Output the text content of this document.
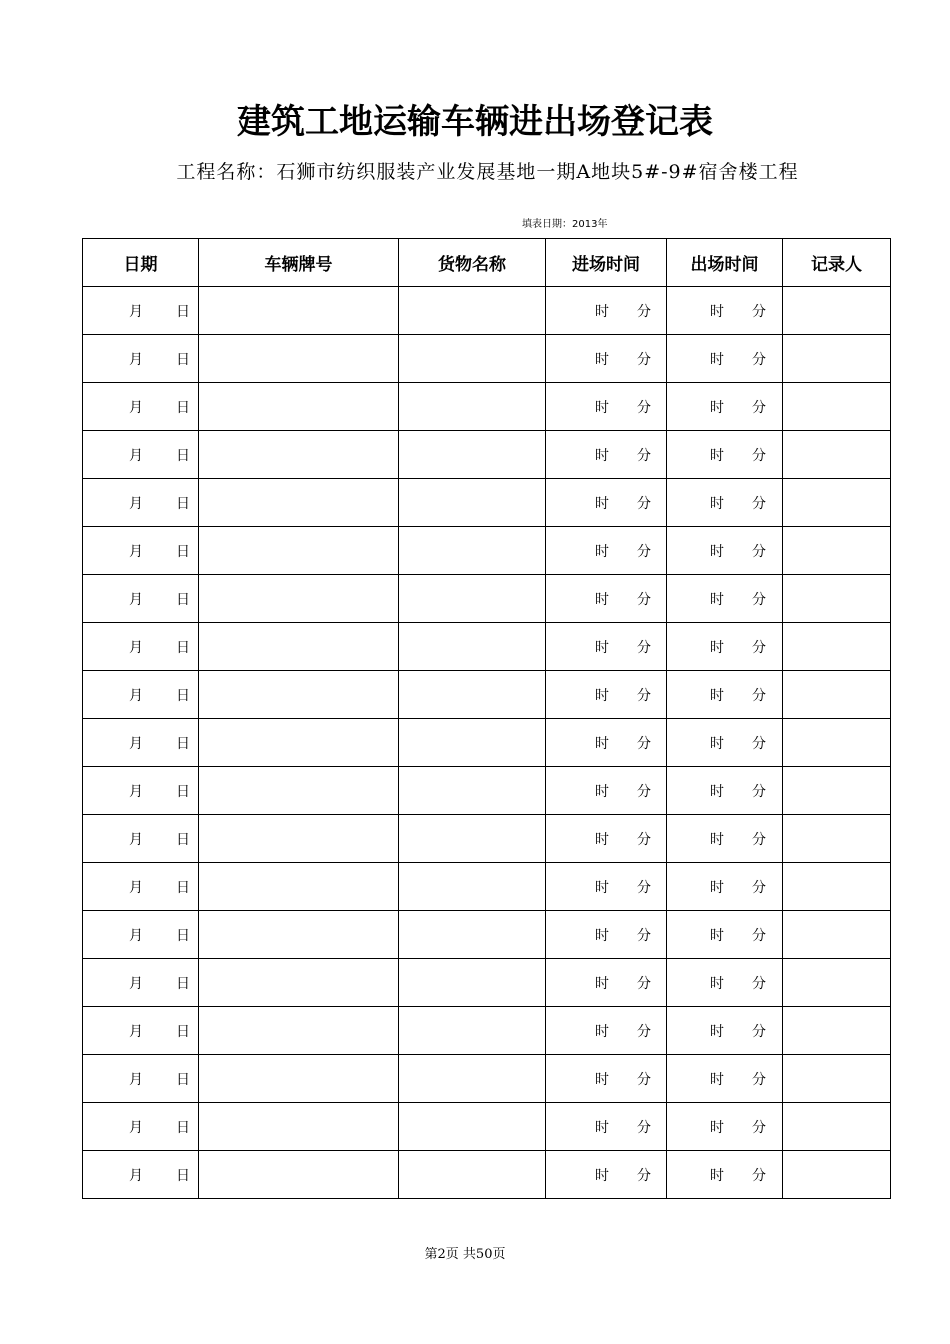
建筑工地运输车辆进出场登记表
工程名称：石狮市纺织服装产业发展基地一期A地块5#-9#宿舍楼工程
填表日期：2013年
日期	车辆牌号	货物名称	进场时间	出场时间	记录人

月 日			时 分	时 分	

月 日			时 分	时 分	

月 日			时 分	时 分	

月 日			时 分	时 分	

月 日			时 分	时 分	

月 日			时 分	时 分	

月 日			时 分	时 分	

月 日			时 分	时 分	

月 日			时 分	时 分	

月 日			时 分	时 分	

月 日			时 分	时 分	

月 日			时 分	时 分	

月 日			时 分	时 分	

月 日			时 分	时 分	

月 日			时 分	时 分	

月 日			时 分	时 分	

月 日			时 分	时 分	

月 日			时 分	时 分	

月 日			时 分	时 分	

第2页 共50页
